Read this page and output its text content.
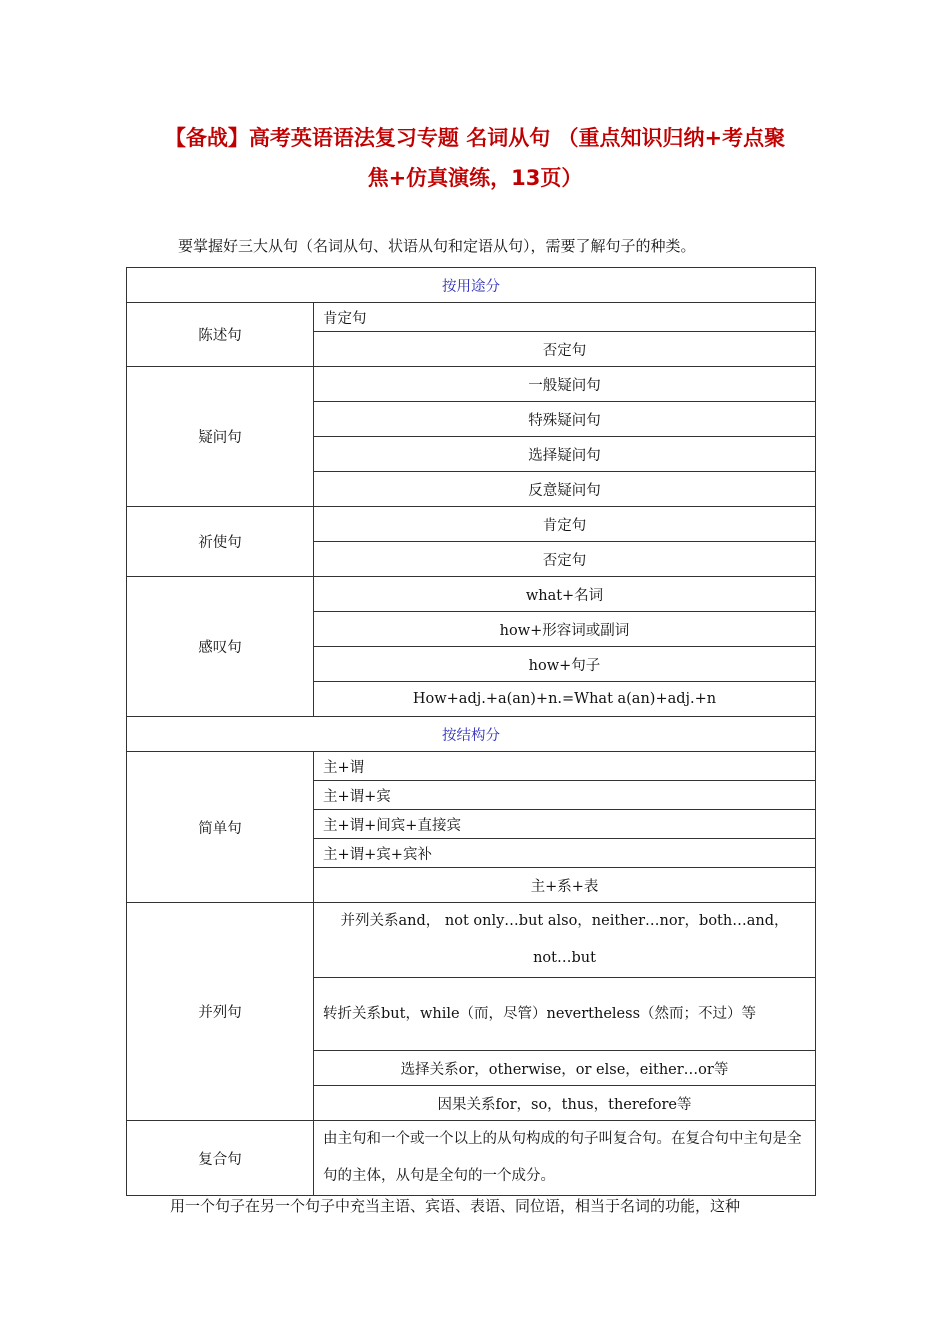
【备战】高考英语语法复习专题 名词从句 （重点知识归纳+考点聚
焦+仿真演练，13页）
要掌握好三大从句（名词从句、状语从句和定语从句），需要了解句子的种类。
按用途分	
陈述句	肯定句
	否定句
疑问句	一般疑问句
	特殊疑问句
	选择疑问句
	反意疑问句
祈使句	肯定句
	否定句
感叹句	what+名词
	how+形容词或副词
	how+句子
	How+adj.+a(an)+n.=What a(an)+adj.+n
按结构分	
简单句	主+谓
	主+谓+宾
	主+谓+间宾+直接宾
	主+谓+宾+宾补
	主+系+表
并列句	并列关系and， not only…but also，neither…nor，both…and， not…but
	转折关系but，while（而，尽管）nevertheless（然而；不过）等
	选择关系or，otherwise，or else，either…or等
	因果关系for，so，thus，therefore等
复合句	由主句和一个或一个以上的从句构成的句子叫复合句。在复合句中主句是全句的主体，从句是全句的一个成分。
用一个句子在另一个句子中充当主语、宾语、表语、同位语，相当于名词的功能，这种
